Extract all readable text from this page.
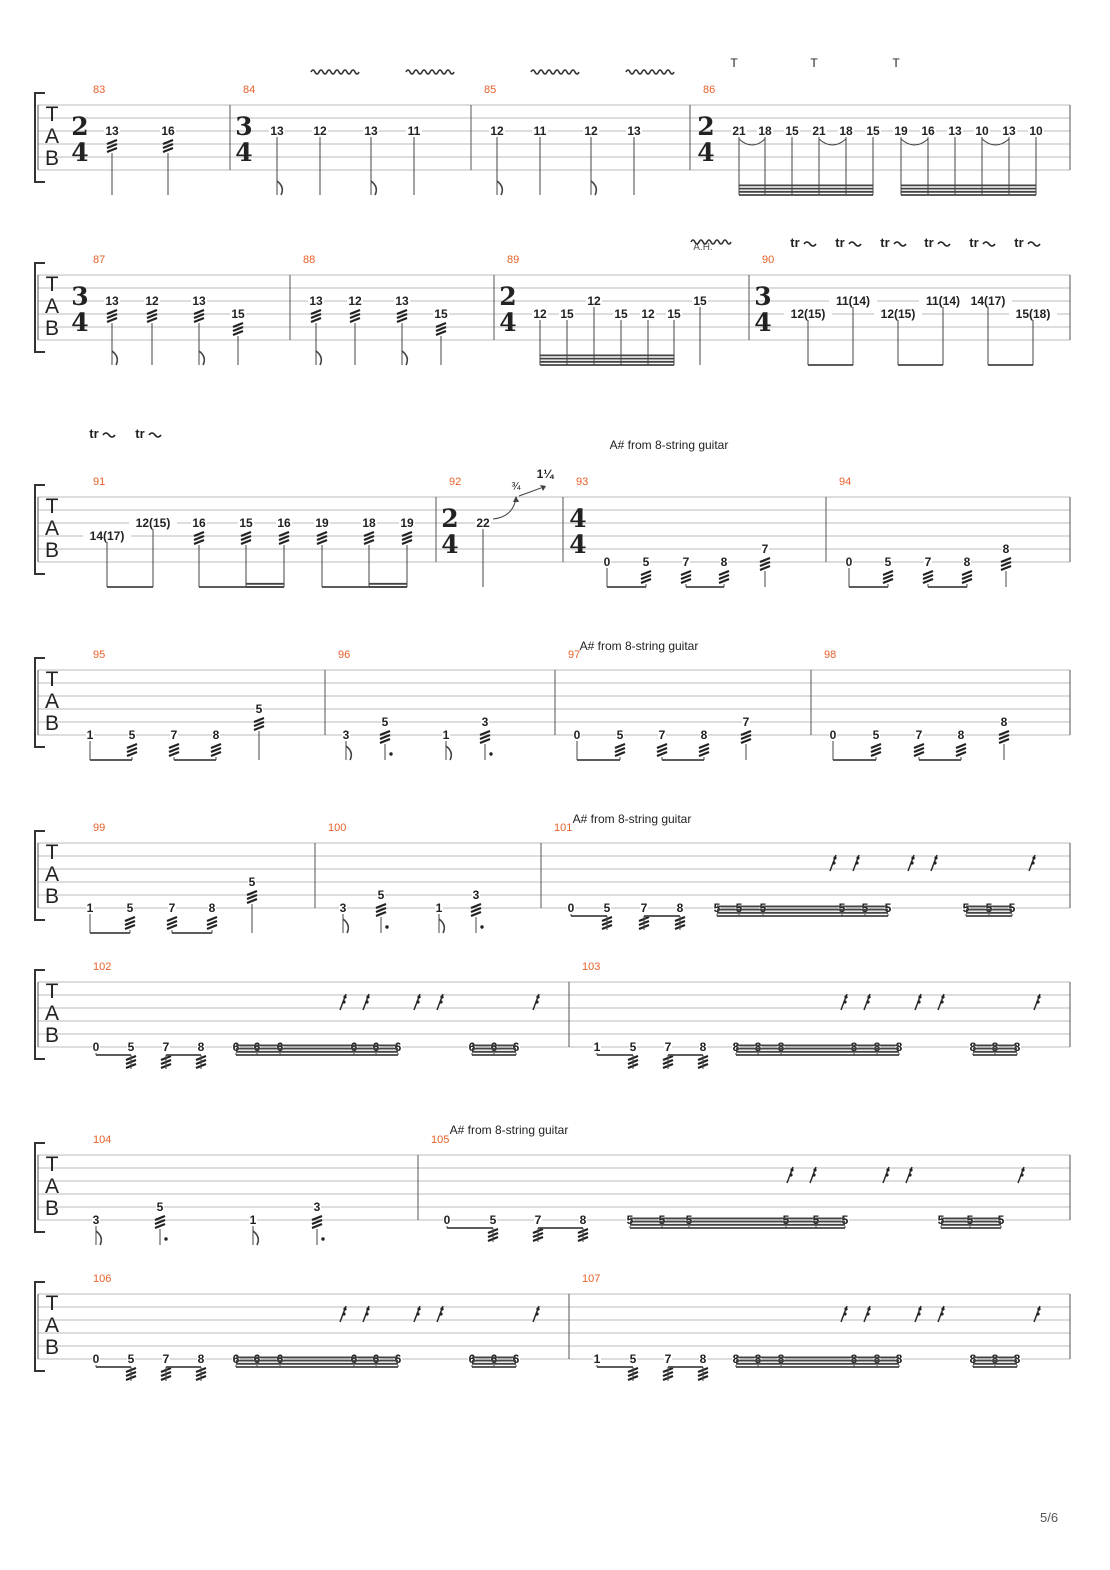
T
A
B
T	T	T
83
2
4
13	16
84
3
4
13 12	13 11
85
12 11	12 13
86
2
4
21 18 15 21 18 15 19 16 13 10 13 10
T
A
B
A.H.	tr	tr	tr	tr	tr	tr
87
3
4
13 12	13
15
88
13 12	13
15
89
2
4 12 15
12
15 12 15
15
90
3
4 12(15)
11(14)
12(15)
11(14) 14(17)
15(18)
T
A
B
tr	tr
A# from 8-string guitar
91
14(17)
12(15) 16	15 16 19	18 19
92
2
4
22
¾
1¼
93
4
4
0	5	7	8
7
94
0	5	7	8
8
T
A
B
A# from 8-string guitar
95
1	5	7	8
5
96
3
5
1
3
97
0	5	7	8
7
98
0	5	7	8
8
T
A
B
A# from 8-string guitar
99
1	5	7	8
5
100
3
5
1
3
101
0 5	7 8	5 5 5	5 5 5	5 5 5
T
A
B
102
0 5 7 8 6 6 6	6 6 6	6 6 6
103
1 5 7 8 8 8 8	8 8 8	8 8 8
T
A
B
A# from 8-string guitar
104
3
5
1
3
105
0	5	7	8	5 5 5	5 5 5	5 5 5
T
A
B
106
0 5 7 8 6 6 6	6 6 6	6 6 6
107
1 5 7 8 8 8 8	8 8 8	8 8 8
5/6
